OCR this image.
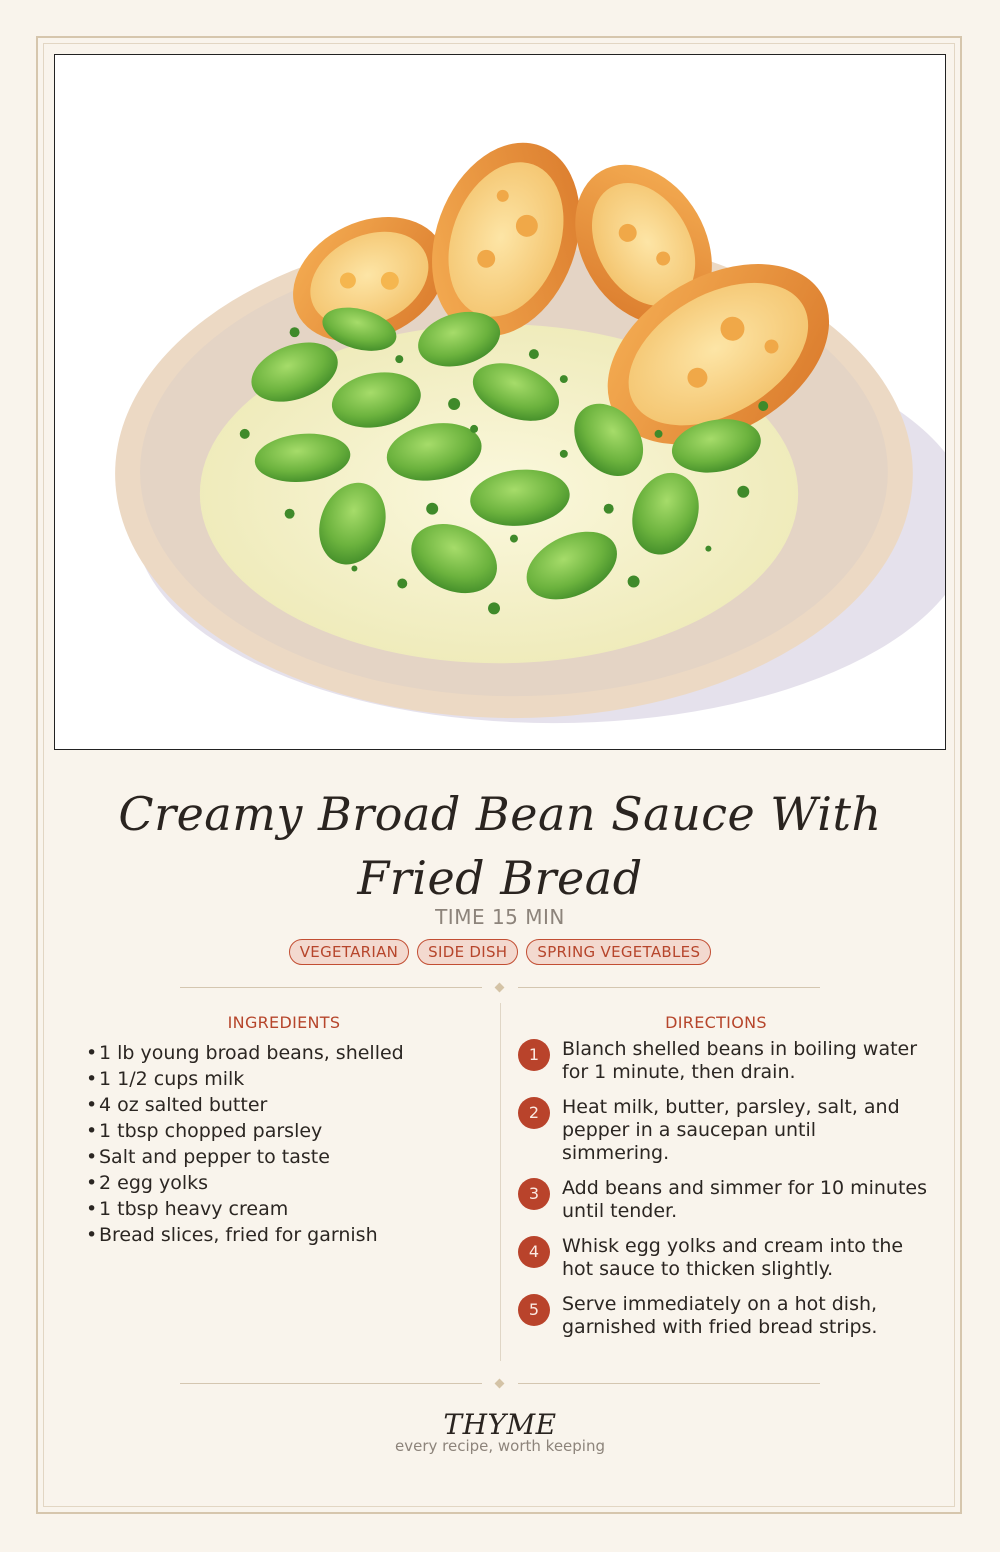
Creamy Broad Bean Sauce With Fried Bread
TIME 15 MIN
VEGETARIAN	SIDE DISH	SPRING VEGETABLES
INGREDIENTS
•1 lb young broad beans, shelled
•1 1/2 cups milk
•4 oz salted butter
•1 tbsp chopped parsley
•Salt and pepper to taste
•2 egg yolks
•1 tbsp heavy cream
•Bread slices, fried for garnish
DIRECTIONS
1	Blanch shelled beans in boiling water for 1 minute, then drain.
2	Heat milk, butter, parsley, salt, and pepper in a saucepan until simmering.
3	Add beans and simmer for 10 minutes until tender.
4	Whisk egg yolks and cream into the hot sauce to thicken slightly.
5	Serve immediately on a hot dish, garnished with fried bread strips.
THYME
every recipe, worth keeping
